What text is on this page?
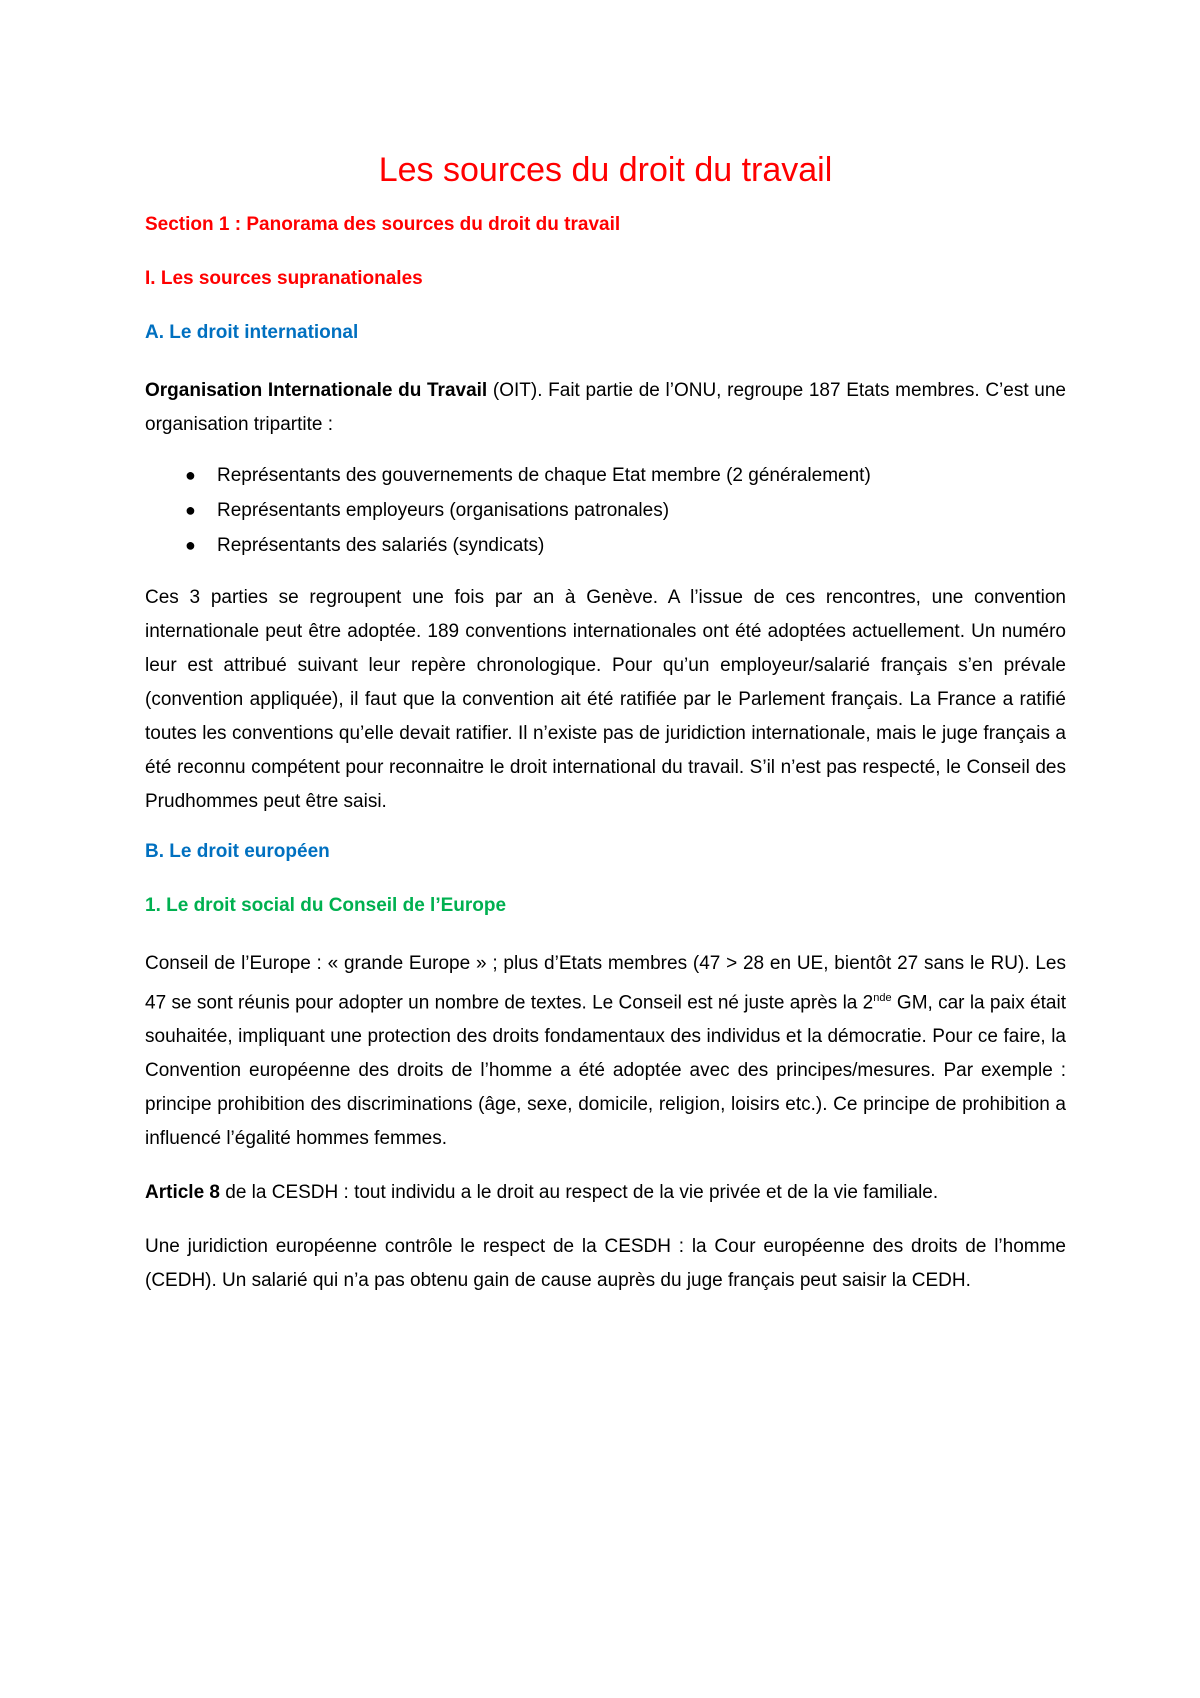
Les sources du droit du travail
Section 1 : Panorama des sources du droit du travail
I. Les sources supranationales
A. Le droit international

Organisation Internationale du Travail (OIT). Fait partie de l’ONU, regroupe 187 Etats membres. C’est une organisation tripartite :

●	Représentants des gouvernements de chaque Etat membre (2 généralement)
●	Représentants employeurs (organisations patronales)
●	Représentants des salariés (syndicats)

Ces 3 parties se regroupent une fois par an à Genève. A l’issue de ces rencontres, une convention internationale peut être adoptée. 189 conventions internationales ont été adoptées actuellement. Un numéro leur est attribué suivant leur repère chronologique. Pour qu’un employeur/salarié français s’en prévale (convention appliquée), il faut que la convention ait été ratifiée par le Parlement français. La France a ratifié toutes les conventions qu’elle devait ratifier. Il n’existe pas de juridiction internationale, mais le juge français a été reconnu compétent pour reconnaitre le droit international du travail. S’il n’est pas respecté, le Conseil des Prudhommes peut être saisi.

B. Le droit européen
1. Le droit social du Conseil de l’Europe

Conseil de l’Europe : « grande Europe » ; plus d’Etats membres (47 > 28 en UE, bientôt 27 sans le RU). Les 47 se sont réunis pour adopter un nombre de textes. Le Conseil est né juste après la 2nde GM, car la paix était souhaitée, impliquant une protection des droits fondamentaux des individus et la démocratie. Pour ce faire, la Convention européenne des droits de l’homme a été adoptée avec des principes/mesures. Par exemple : principe prohibition des discriminations (âge, sexe, domicile, religion, loisirs etc.). Ce principe de prohibition a influencé l’égalité hommes femmes.

Article 8 de la CESDH : tout individu a le droit au respect de la vie privée et de la vie familiale.

Une juridiction européenne contrôle le respect de la CESDH : la Cour européenne des droits de l’homme (CEDH). Un salarié qui n’a pas obtenu gain de cause auprès du juge français peut saisir la CEDH.
